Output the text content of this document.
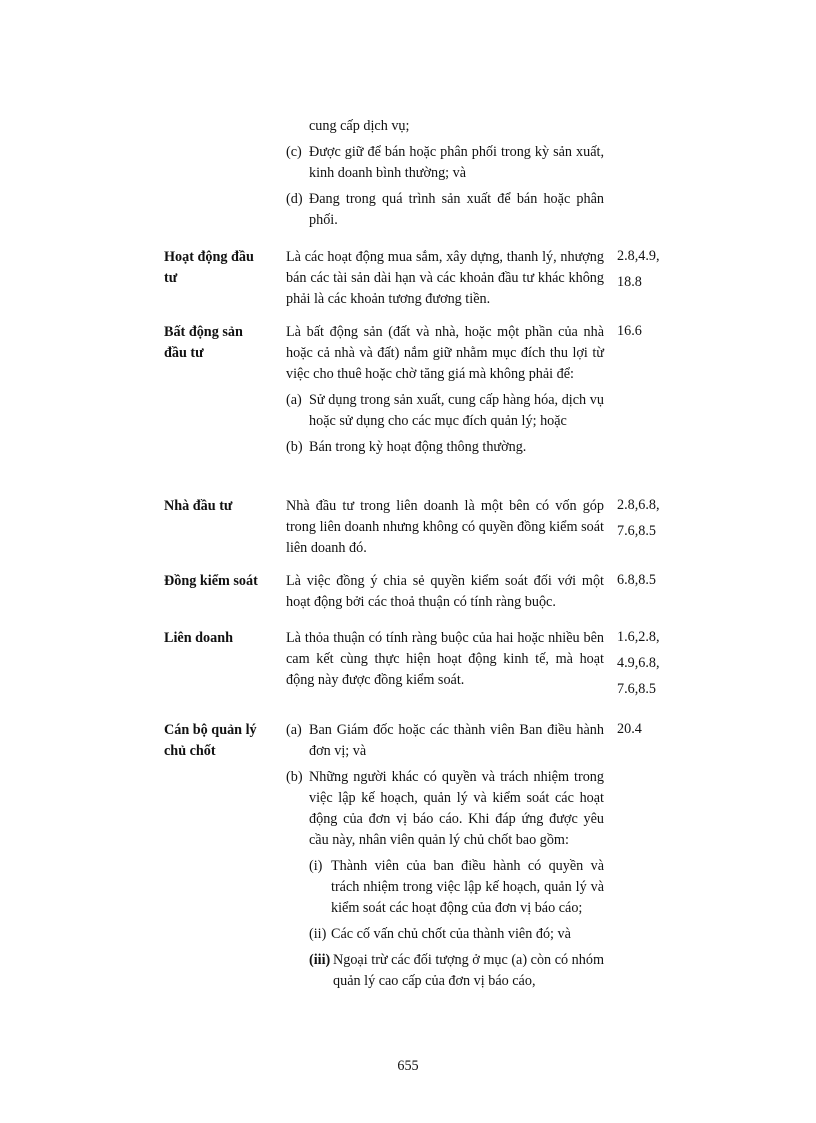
cung cấp dịch vụ;
(c) Được giữ để bán hoặc phân phối trong kỳ sản xuất, kinh doanh bình thường; và
(d) Đang trong quá trình sản xuất để bán hoặc phân phối.
Hoạt động đầu tư
Là các hoạt động mua sắm, xây dựng, thanh lý, nhượng bán các tài sản dài hạn và các khoản đầu tư khác không phải là các khoản tương đương tiền.
2.8,4.9,
18.8
Bất động sản đầu tư
Là bất động sản (đất và nhà, hoặc một phần của nhà hoặc cả nhà và đất) nắm giữ nhằm mục đích thu lợi từ việc cho thuê hoặc chờ tăng giá mà không phải để:
(a) Sử dụng trong sản xuất, cung cấp hàng hóa, dịch vụ hoặc sử dụng cho các mục đích quản lý; hoặc
(b) Bán trong kỳ hoạt động thông thường.
16.6
Nhà đầu tư	Nhà đầu tư trong liên doanh là một bên có vốn góp trong liên doanh nhưng không có quyền đồng kiểm soát liên doanh đó.
2.8,6.8,
7.6,8.5
Đồng kiểm soát Là việc đồng ý chia sẻ quyền kiểm soát đối với một hoạt động bởi các thoả thuận có tính ràng buộc.
6.8,8.5
Liên doanh	Là thỏa thuận có tính ràng buộc của hai hoặc nhiều bên cam kết cùng thực hiện hoạt động kinh tế, mà hoạt động này được đồng kiểm soát.
1.6,2.8,
4.9,6.8,
7.6,8.5
Cán bộ quản lý chủ chốt
(a) Ban Giám đốc hoặc các thành viên Ban điều hành đơn vị; và
(b) Những người khác có quyền và trách nhiệm trong việc lập kế hoạch, quản lý và kiểm soát các hoạt động của đơn vị báo cáo. Khi đáp ứng được yêu cầu này, nhân viên quản lý chủ chốt bao gồm:
(i) Thành viên của ban điều hành có quyền và trách nhiệm trong việc lập kế hoạch, quản lý và kiểm soát các hoạt động của đơn vị báo cáo;
(ii) Các cố vấn chủ chốt của thành viên đó; và
(iii) Ngoại trừ các đối tượng ở mục (a) còn có nhóm quản lý cao cấp của đơn vị báo cáo,
20.4
655
